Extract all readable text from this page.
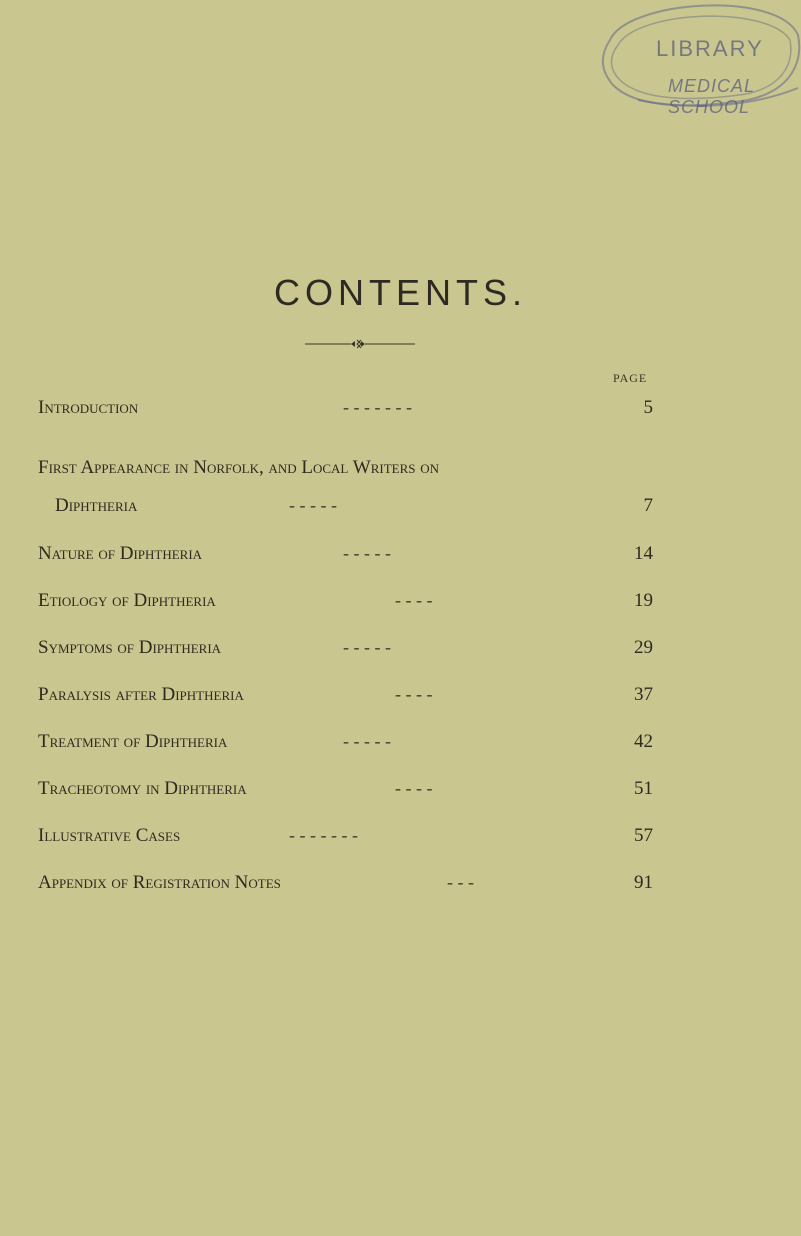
LIBRARY
MEDICAL SCHOOL
CONTENTS.
PAGE
Introduction	- - - - - - -	5
First Appearance in Norfolk, and Local Writers on
Diphtheria	- - - - -	7
Nature of Diphtheria	- - - - -	14
Etiology of Diphtheria	- - - -	19
Symptoms of Diphtheria	- - - - -	29
Paralysis after Diphtheria	- - - -	37
Treatment of Diphtheria	- - - - -	42
Tracheotomy in Diphtheria	- - - -	51
Illustrative Cases	- - - - - - -	57
Appendix of Registration Notes	- - -	91
